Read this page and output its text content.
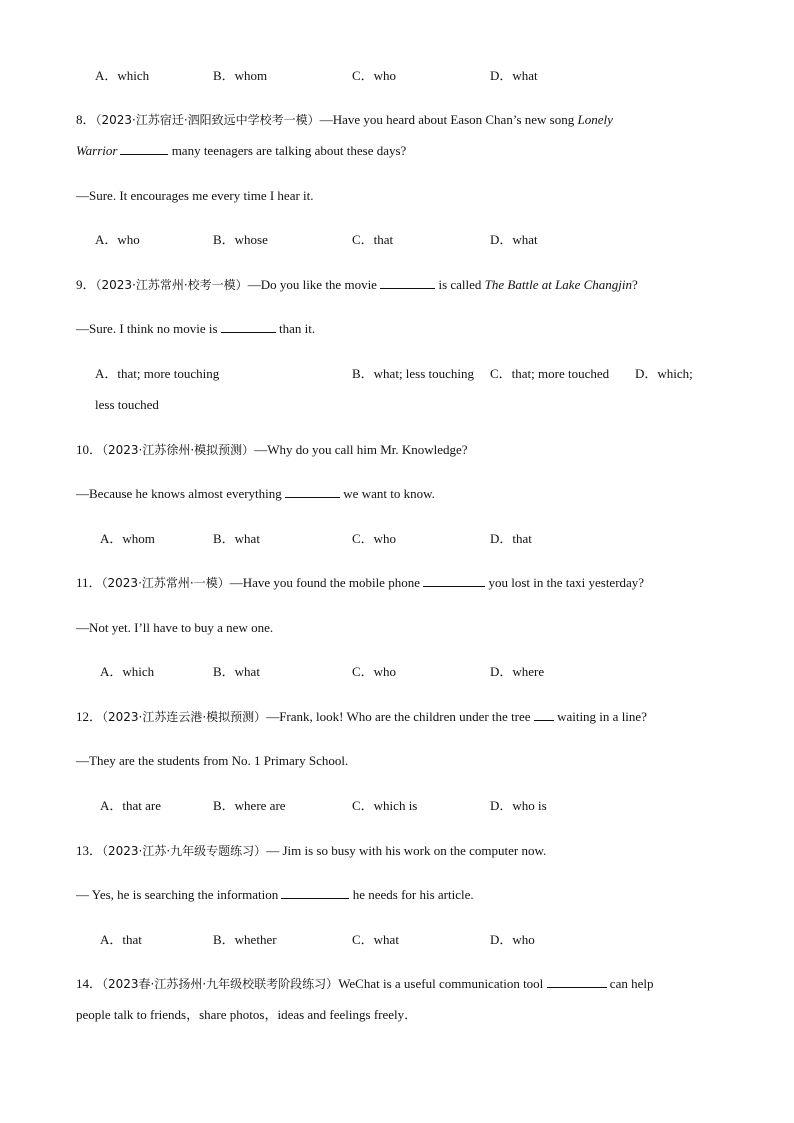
A．which	B．whom	C．who	D．what
8．（2023·江苏宿迁·泗阳致远中学校考一模）—Have you heard about Eason Chan’s new song Lonely
Warrior	many teenagers are talking about these days?
—Sure. It encourages me every time I hear it.
A．who	B．whose	C．that	D．what
9．（2023·江苏常州·校考一模）—Do you like the movie	is called The Battle at Lake Changjin?
—Sure. I think no movie is	than it.
A．that; more touching	B．what; less touching C．that; more touched D．which;
less touched
10．（2023·江苏徐州·模拟预测）—Why do you call him Mr. Knowledge?
—Because he knows almost everything	we want to know.
A．whom	B．what	C．who	D．that
11．（2023·江苏常州·一模）—Have you found the mobile phone	you lost in the taxi yesterday?
—Not yet. I’ll have to buy a new one.
A．which	B．what	C．who	D．where
12．（2023·江苏连云港·模拟预测）—Frank, look! Who are the children under the tree  waiting in a line?
—They are the students from No. 1 Primary School.
A．that are	B．where are	C．which is	D．who is
13．（2023·江苏·九年级专题练习）— Jim is so busy with his work on the computer now.
— Yes, he is searching the information	he needs for his article.
A．that	B．whether	C．what	D．who
14．（2023春·江苏扬州·九年级校联考阶段练习）WeChat is a useful communication tool	can help
people talk to friends，share photos，ideas and feelings freely．
